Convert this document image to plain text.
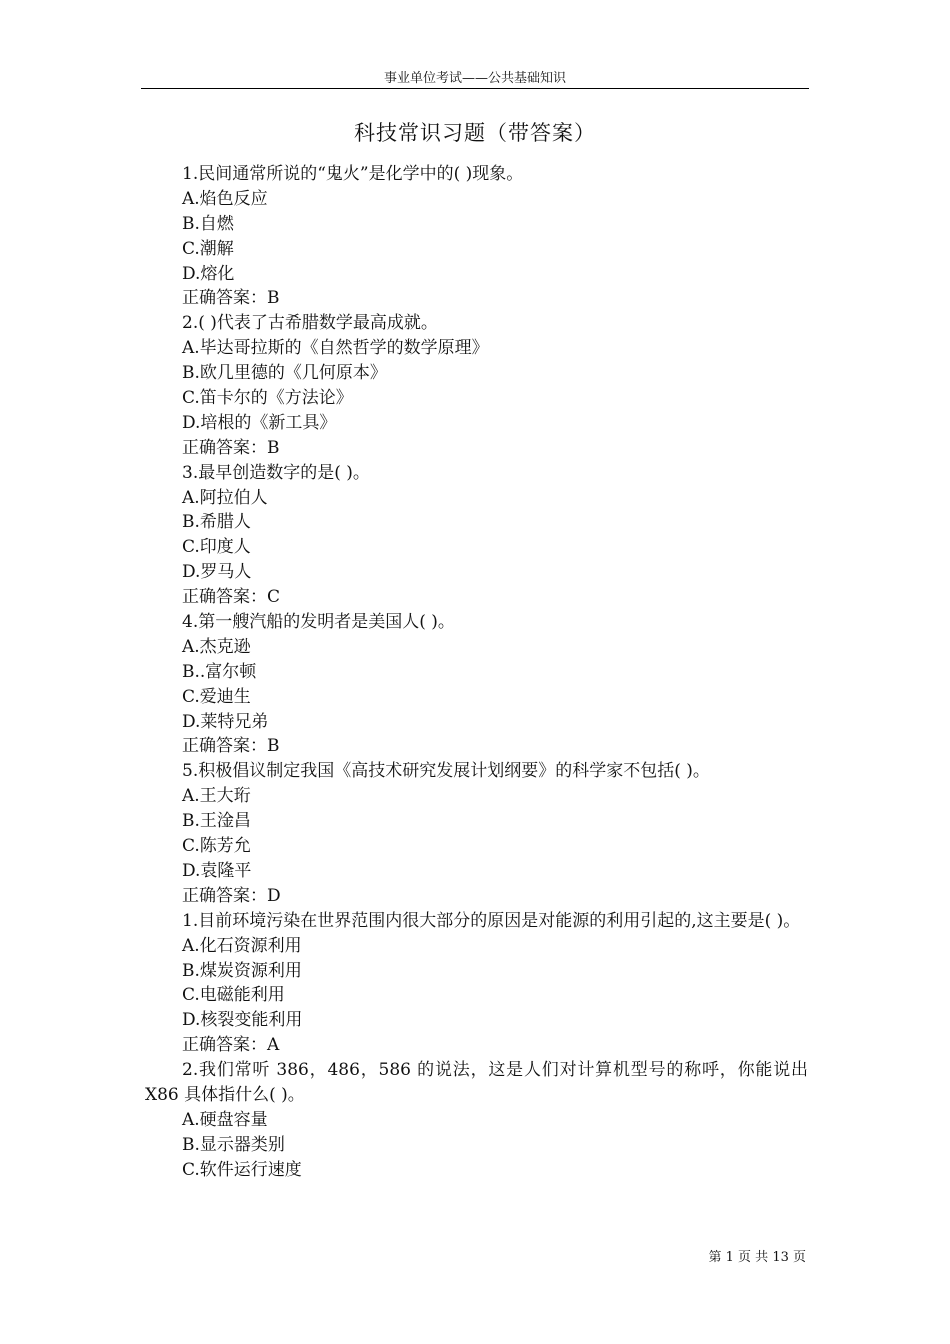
事业单位考试——公共基础知识
科技常识习题（带答案）
1.民间通常所说的“鬼火”是化学中的( )现象。
A.焰色反应
B.自燃
C.潮解
D.熔化
正确答案：B
2.( )代表了古希腊数学最高成就。
A.毕达哥拉斯的《自然哲学的数学原理》
B.欧几里德的《几何原本》
C.笛卡尔的《方法论》
D.培根的《新工具》
正确答案：B
3.最早创造数字的是( )。
A.阿拉伯人
B.希腊人
C.印度人
D.罗马人
正确答案：C
4.第一艘汽船的发明者是美国人( )。
A.杰克逊
B..富尔顿
C.爱迪生
D.莱特兄弟
正确答案：B
5.积极倡议制定我国《高技术研究发展计划纲要》的科学家不包括( )。
A.王大珩
B.王淦昌
C.陈芳允
D.袁隆平
正确答案：D

1.目前环境污染在世界范围内很大部分的原因是对能源的利用引起的,这主要是( )。

A.化石资源利用
B.煤炭资源利用
C.电磁能利用
D.核裂变能利用
正确答案：A

2.我们常听 386，486，586 的说法，这是人们对计算机型号的称呼，你能说出 X86 具体指什么( )。

A.硬盘容量
B.显示器类别
C.软件运行速度
第 1 页 共 13 页
